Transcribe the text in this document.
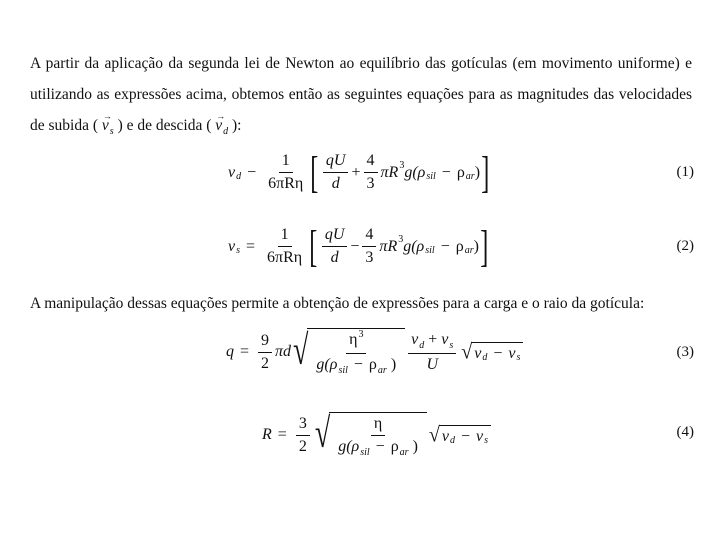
A partir da aplicação da segunda lei de Newton ao equilíbrio das gotículas (em movimento uniforme) e utilizando as expressões acima, obtemos então as seguintes equações para as magnitudes das velocidades de subida ( → $v_s$ ) e de descida ( → $v_d$ ):
v $d - \frac{1}{\text{6πRη}}$ [ $\frac{qU}{d} + \frac{4}{3}$ πR 3 g(ρ sil − ρ ar ) ]	(1)
v $s = \frac{1}{\text{6πRη}}$ [ $\frac{qU}{d} - \frac{4}{3}$ πR 3 g(ρ sil − ρ ar ) ]	(2)
A manipulação dessas equações permite a obtenção de expressões para a carga e o raio da gotícula:
$q = \frac{9}{2}$ πd √ $\frac{\eta^3}{g(\rho_{sil} - \rho_{ar} )} \frac{v_d + v_s}{U}$ √ v d − v s	(3)
$R = \frac{3}{2}$ √ $\frac{\eta}{g(\rho_{sil} - \rho_{ar} )}$ √ v d − v s
(4)
